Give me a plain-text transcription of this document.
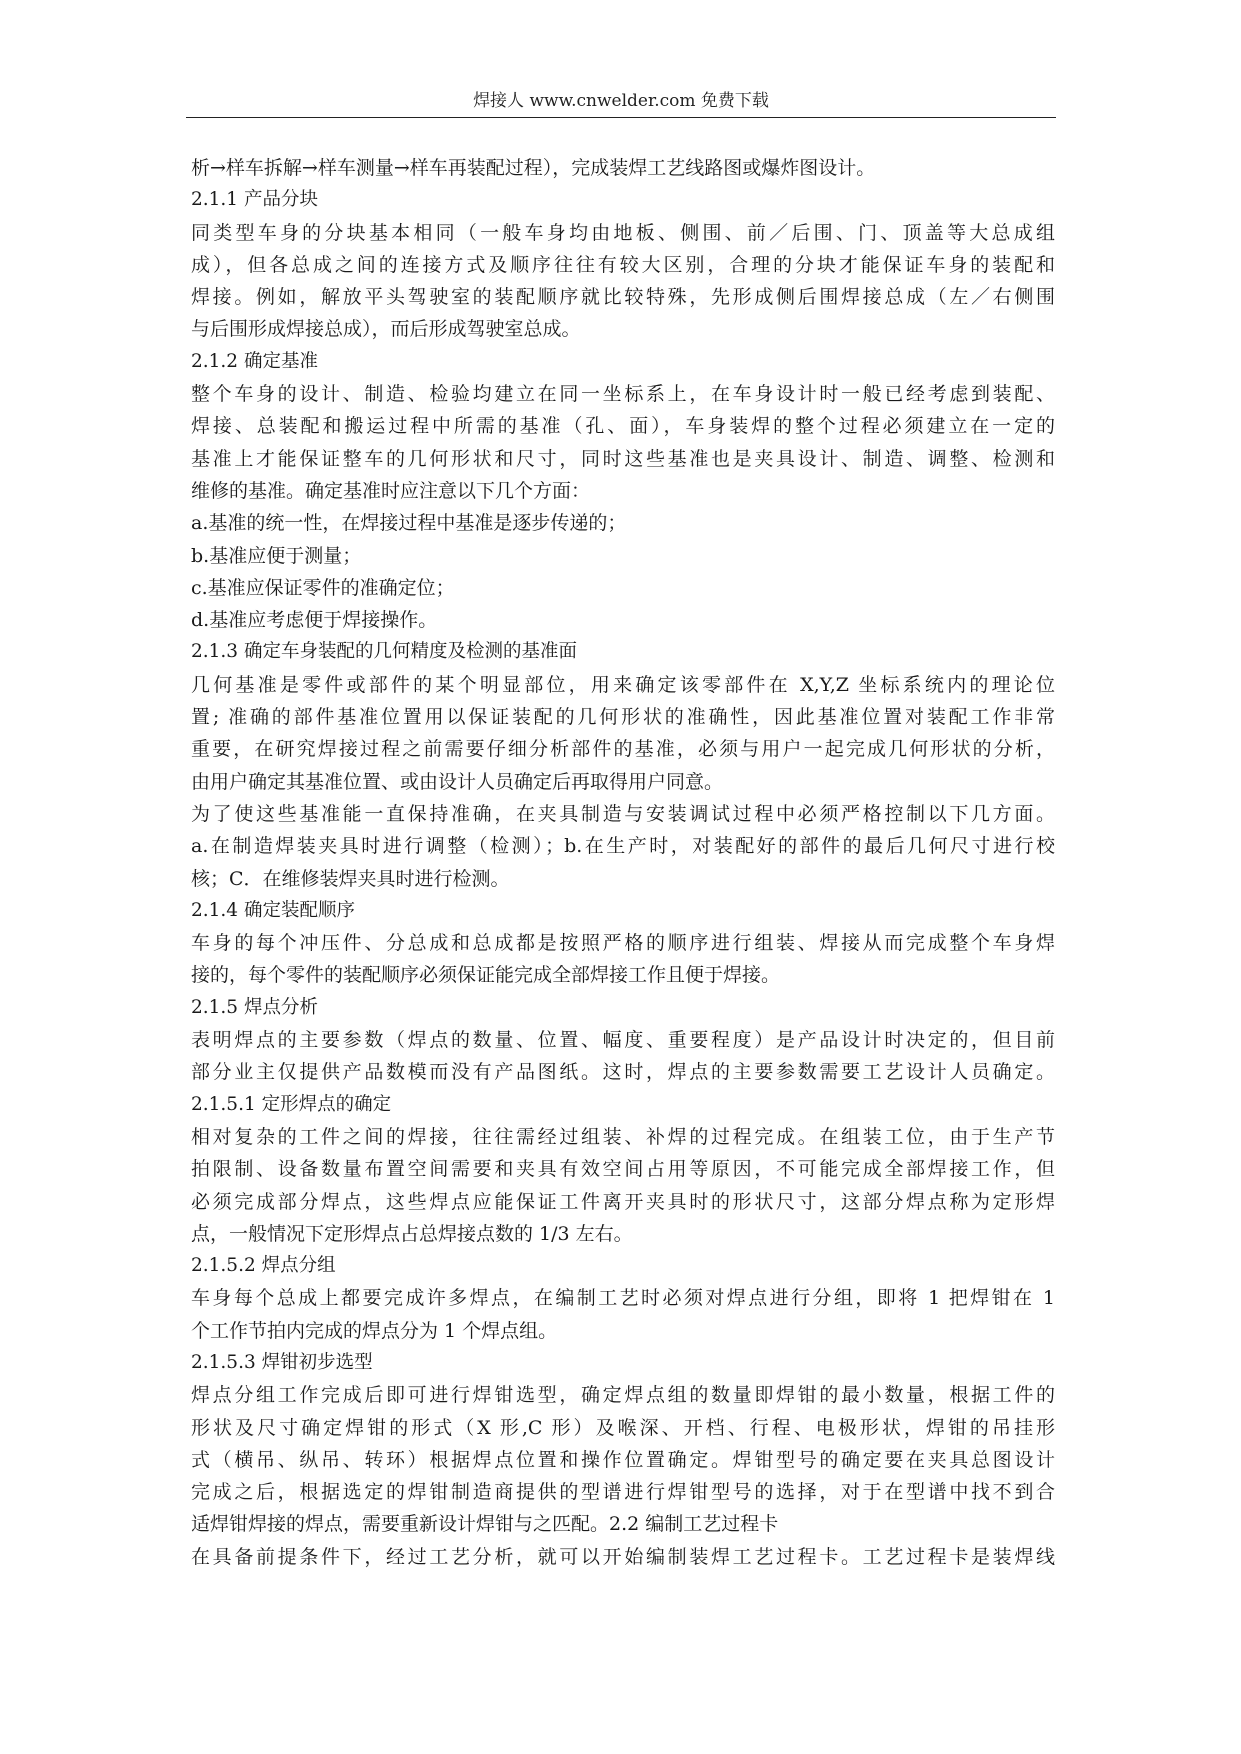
焊接人 www.cnwelder.com 免费下载
析→样车拆解→样车测量→样车再装配过程），完成装焊工艺线路图或爆炸图设计。
2.1.1 产品分块
同类型车身的分块基本相同（一般车身均由地板、侧围、前／后围、门、顶盖等大总成组
成），但各总成之间的连接方式及顺序往往有较大区别，合理的分块才能保证车身的装配和
焊接。例如，解放平头驾驶室的装配顺序就比较特殊，先形成侧后围焊接总成（左／右侧围
与后围形成焊接总成），而后形成驾驶室总成。
2.1.2 确定基准
整个车身的设计、制造、检验均建立在同一坐标系上，在车身设计时一般已经考虑到装配、
焊接、总装配和搬运过程中所需的基准（孔、面），车身装焊的整个过程必须建立在一定的
基准上才能保证整车的几何形状和尺寸，同时这些基准也是夹具设计、制造、调整、检测和
维修的基准。确定基准时应注意以下几个方面：
a.基准的统一性，在焊接过程中基准是逐步传递的；
b.基准应便于测量；
c.基准应保证零件的准确定位；
d.基准应考虑便于焊接操作。
2.1.3 确定车身装配的几何精度及检测的基准面
几何基准是零件或部件的某个明显部位，用来确定该零部件在 X,Y,Z 坐标系统内的理论位
置; 准确的部件基准位置用以保证装配的几何形状的准确性，因此基准位置对装配工作非常
重要，在研究焊接过程之前需要仔细分析部件的基准，必须与用户一起完成几何形状的分析，
由用户确定其基准位置、或由设计人员确定后再取得用户同意。
为了使这些基准能一直保持准确，在夹具制造与安装调试过程中必须严格控制以下几方面。
a.在制造焊装夹具时进行调整（检测）；b.在生产时，对装配好的部件的最后几何尺寸进行校
核；C．在维修装焊夹具时进行检测。
2.1.4 确定装配顺序
车身的每个冲压件、分总成和总成都是按照严格的顺序进行组装、焊接从而完成整个车身焊
接的，每个零件的装配顺序必须保证能完成全部焊接工作且便于焊接。
2.1.5 焊点分析
表明焊点的主要参数（焊点的数量、位置、幅度、重要程度）是产品设计时决定的，但目前
部分业主仅提供产品数模而没有产品图纸。这时，焊点的主要参数需要工艺设计人员确定。
2.1.5.1 定形焊点的确定
相对复杂的工件之间的焊接，往往需经过组装、补焊的过程完成。在组装工位，由于生产节
拍限制、设备数量布置空间需要和夹具有效空间占用等原因，不可能完成全部焊接工作，但
必须完成部分焊点，这些焊点应能保证工件离开夹具时的形状尺寸，这部分焊点称为定形焊
点，一般情况下定形焊点占总焊接点数的 1/3 左右。
2.1.5.2 焊点分组
车身每个总成上都要完成许多焊点，在编制工艺时必须对焊点进行分组，即将 1 把焊钳在 1
个工作节拍内完成的焊点分为 1 个焊点组。
2.1.5.3 焊钳初步选型
焊点分组工作完成后即可进行焊钳选型，确定焊点组的数量即焊钳的最小数量，根据工件的
形状及尺寸确定焊钳的形式（X 形,C 形）及喉深、开档、行程、电极形状，焊钳的吊挂形
式（横吊、纵吊、转环）根据焊点位置和操作位置确定。焊钳型号的确定要在夹具总图设计
完成之后，根据选定的焊钳制造商提供的型谱进行焊钳型号的选择，对于在型谱中找不到合
适焊钳焊接的焊点，需要重新设计焊钳与之匹配。2.2 编制工艺过程卡
在具备前提条件下，经过工艺分析，就可以开始编制装焊工艺过程卡。工艺过程卡是装焊线
